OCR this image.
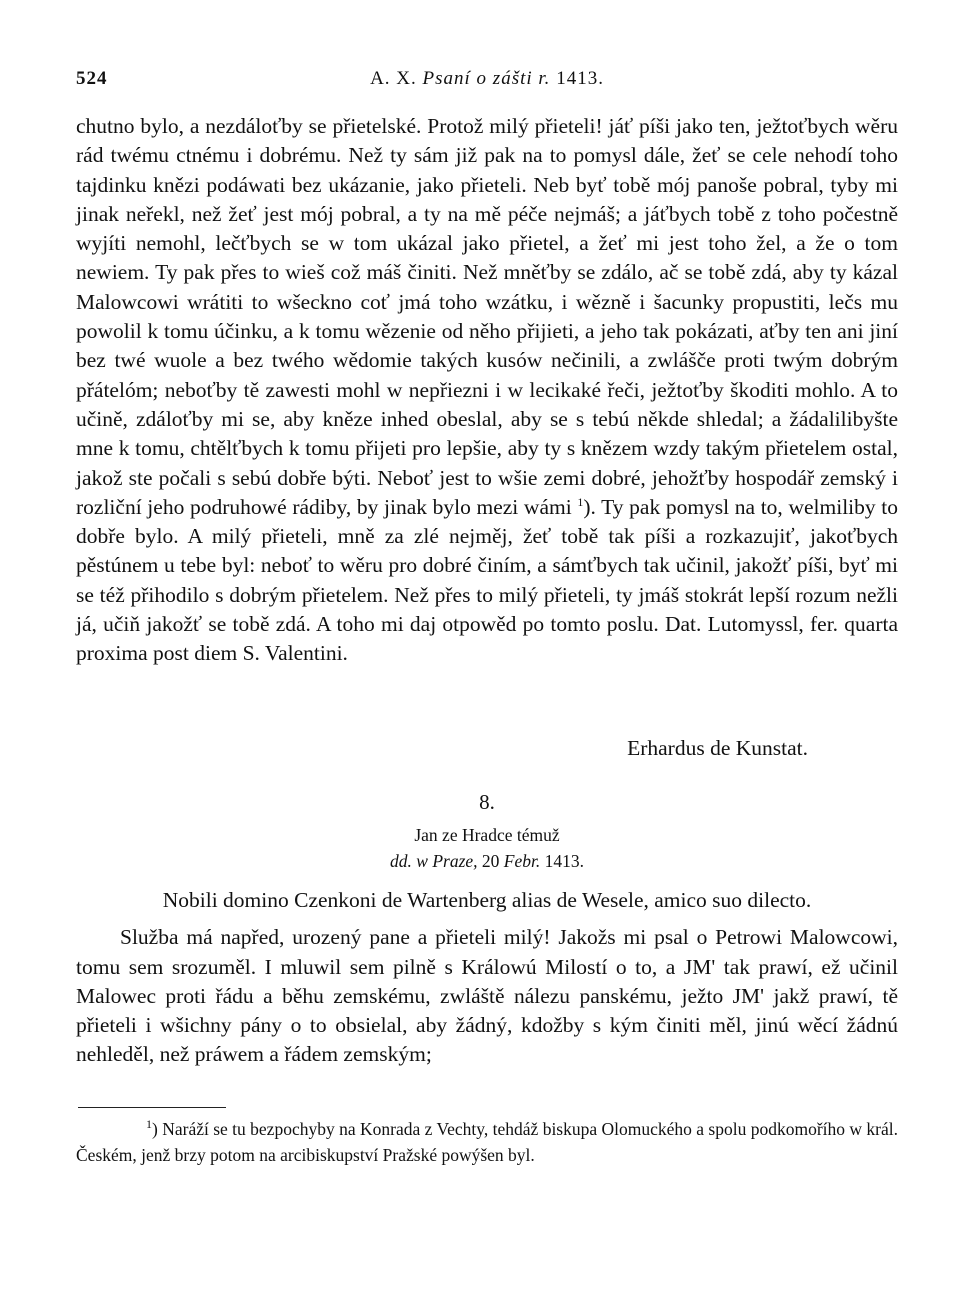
524	A. X. Psaní o zášti r. 1413.

chutno bylo, a nezdáloťby se přietelské. Protož milý přieteli! jáť píši jako ten, ježtoťbych wěru rád twému ctnému i dobrému. Než ty sám již pak na to pomysl dále, žeť se cele nehodí toho tajdinku knězi podáwati bez ukázanie, jako přieteli. Neb byť tobě mój panoše pobral, tyby mi jinak neřekl, než žeť jest mój pobral, a ty na mě péče nejmáš; a jáťbych tobě z toho počestně wyjíti nemohl, lečťbych se w tom ukázal jako přietel, a žeť mi jest toho žel, a že o tom newiem. Ty pak přes to wieš což máš činiti. Než mněťby se zdálo, ač se tobě zdá, aby ty kázal Malowcowi wrátiti to wšeckno coť jmá toho wzátku, i wězně i šacunky propustiti, lečs mu powolil k tomu účinku, a k tomu wězenie od něho přijieti, a jeho tak pokázati, aťby ten ani jiní bez twé wuole a bez twého wědomie takých kusów nečinili, a zwlášče proti twým dobrým přátelóm; neboťby tě zawesti mohl w nepřiezni i w lecikaké řeči, ježtoťby škoditi mohlo. A to učině, zdáloťby mi se, aby kněze inhed obeslal, aby se s tebú někde shledal; a žádalilibyšte mne k tomu, chtělťbych k tomu přijeti pro lepšie, aby ty s knězem wzdy takým přietelem ostal, jakož ste počali s sebú dobře býti. Neboť jest to wšie zemi dobré, jehožťby hospodář zemský i rozliční jeho podruhowé rádiby, by jinak bylo mezi wámi $^1$). Ty pak pomysl na to, welmiliby to dobře bylo. A milý přieteli, mně za zlé nejměj, žeť tobě tak píši a rozkazujiť, jakoťbych pěstúnem u tebe byl: neboť to wěru pro dobré činím, a sámťbych tak učinil, jakožť píši, byť mi se též přihodilo s dobrým přietelem. Než přes to milý přieteli, ty jmáš stokrát lepší rozum nežli já, učiň jakožť se tobě zdá. A toho mi daj otpowěd po tomto poslu. Dat. Lutomyssl, fer. quarta proxima post diem S. Valentini.

Erhardus de Kunstat.
8.
Jan ze Hradce témuž
dd. w Praze, 20 Febr. 1413.

Nobili domino Czenkoni de Wartenberg alias de Wesele, amico suo dilecto.

Služba má napřed, urozený pane a přieteli milý! Jakožs mi psal o Petrowi Malowcowi, tomu sem srozuměl. I mluwil sem pilně s Králowú Milostí o to, a JM' tak prawí, ež učinil Malowec proti řádu a běhu zemskému, zwláště nálezu panskému, ježto JM' jakž prawí, tě přieteli i wšichny pány o to obsielal, aby žádný, kdožby s kým činiti měl, jinú wěcí žádnú nehleděl, než práwem a řádem zemským;

$^1$) Naráží se tu bezpochyby na Konrada z Vechty, tehdáž biskupa Olomuckého a spolu podkomořího w král. Českém, jenž brzy potom na arcibiskupství Pražské powýšen byl.
